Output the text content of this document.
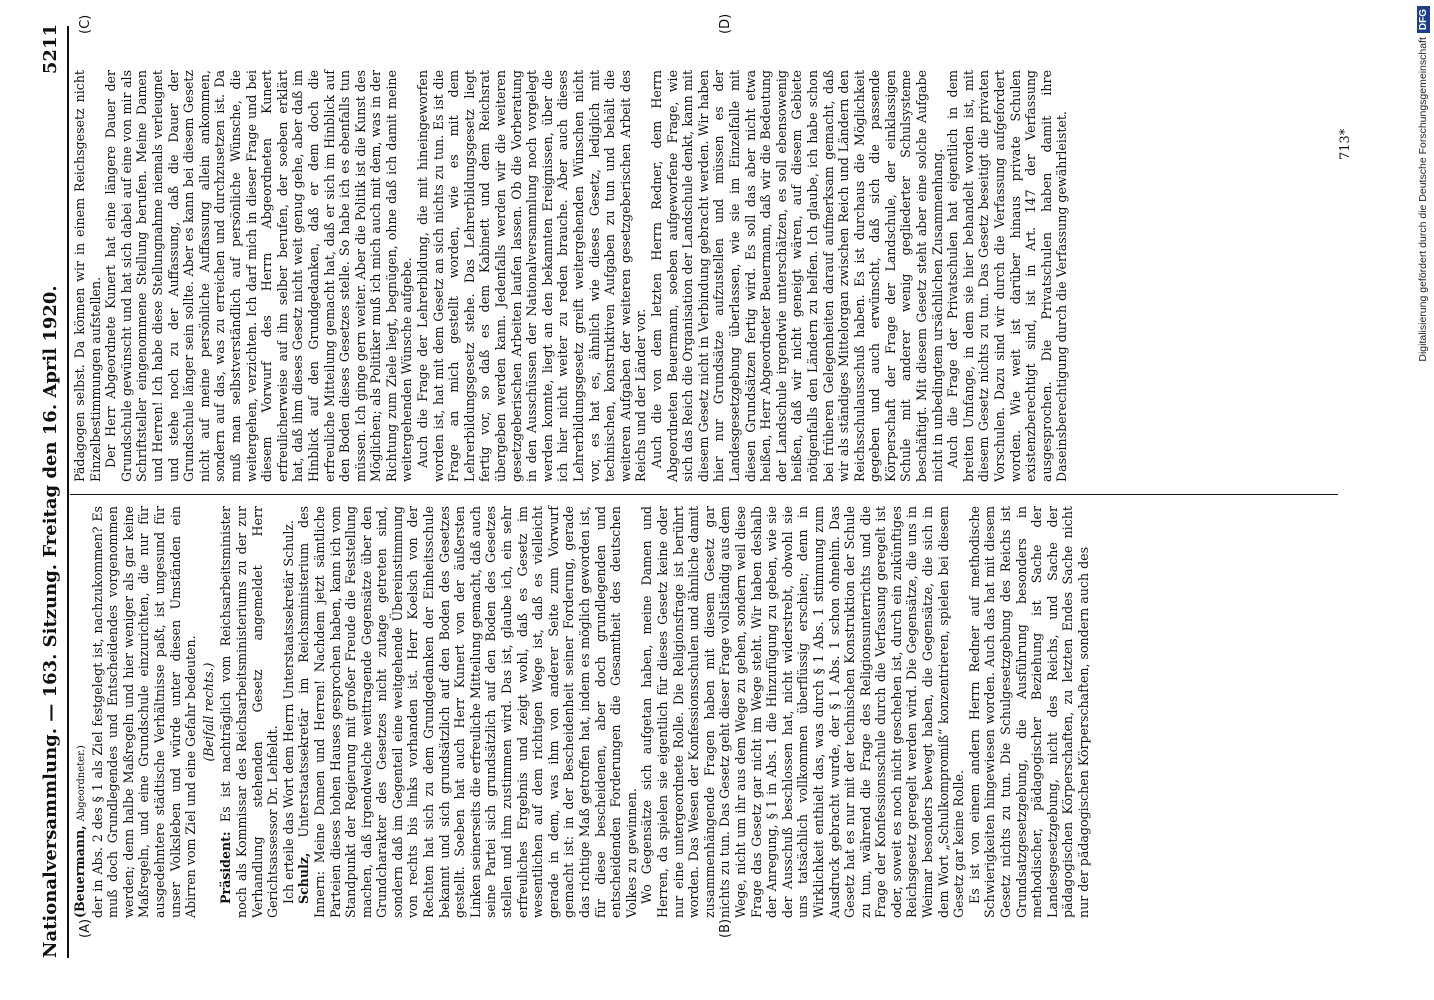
Nationalversammlung. — 163. Sitzung. Freitag den 16. April 1920.
5211
(A)	(B)
(C)	(D)

(Beuermann, Abgeordneter.) der in Abs. 2 des § 1 als Ziel festgelegt ist, nachzukommen? Es muß doch Grundlegendes und Entscheidendes vorgenommen werden; denn halbe Maßregeln und hier weniger als gar keine Maßregeln, und eine Grundschule einzurichten, die nur für ausgedehntere städtische Verhältnisse paßt, ist ungesund für unser Volksleben und würde unter diesen Umständen ein Abirren vom Ziel und eine Gefahr bedeuten. (Beifall rechts.)

Präsident: Es ist nachträglich vom Reichsarbeitsminister noch als Kommissar des Reichsarbeitsministeriums zu der zur Verhandlung stehenden Gesetz angemeldet Herr Gerichtsassessor Dr. Lehfeldt. Ich erteile das Wort dem Herrn Unterstaatssekretär Schulz. Schulz, Unterstaatssekretär im Reichsministerium des Innern: Meine Damen und Herren! Nachdem jetzt sämtliche Parteien dieses hohen Hauses gesprochen haben, kann ich vom Standpunkt der Regierung mit großer Freude die Feststellung machen, daß irgendwelche weittragende Gegensätze über den Grundcharakter des Gesetzes nicht zutage getreten sind, sondern daß im Gegenteil eine weitgehende Übereinstimmung von rechts bis links vorhanden ist. Herr Koelsch von der Rechten hat sich zu dem Grundgedanken der Einheitsschule bekannt und sich grundsätzlich auf den Boden des Gesetzes gestellt. Soeben hat auch Herr Kunert von der äußersten Linken seinerseits die erfreuliche Mitteilung gemacht, daß auch seine Partei sich grundsätzlich auf den Boden des Gesetzes stellen und ihm zustimmen wird. Das ist, glaube ich, ein sehr erfreuliches Ergebnis und zeigt wohl, daß es Gesetz im wesentlichen auf dem richtigen Wege ist, daß es vielleicht gerade in dem, was ihm von anderer Seite zum Vorwurf gemacht ist: in der Bescheidenheit seiner Forderung, gerade das richtige Maß getroffen hat, indem es möglich geworden ist, für diese bescheidenen, aber doch grundlegenden und entscheidenden Forderungen die Gesamtheit des deutschen Volkes zu gewinnen. Wo Gegensätze sich aufgetan haben, meine Damen und Herren, da spielen sie eigentlich für dieses Gesetz keine oder nur eine untergeordnete Rolle. Die Religionsfrage ist berührt worden. Das Wesen der Konfessionsschulen und ähnliche damit zusammenhängende Fragen haben mit diesem Gesetz gar nichts zu tun. Das Gesetz geht dieser Frage vollständig aus dem Wege, nicht um ihr aus dem Wege zu gehen, sondern weil diese Frage das Gesetz gar nicht im Wege steht. Wir haben deshalb der Anregung, § 1 in Abs. 1 die Hinzufügung zu geben, wie sie der Ausschuß beschlossen hat, nicht widerstrebt, obwohl sie uns tatsächlich vollkommen überflüssig erschien; denn in Wirklichkeit enthielt das, was durch § 1 Abs. 1 stimmung zum Ausdruck gebracht wurde, der § 1 Abs. 1 schon ohnehin. Das Gesetz hat es nur mit der technischen Konstruktion der Schule zu tun, während die Frage des Religionsunterrichts und die Frage der Konfessionsschule durch die Verfassung geregelt ist oder, soweit es noch nicht geschehen ist, durch ein zukünftiges Reichsgesetz geregelt werden wird. Die Gegensätze, die uns in Weimar besonders bewegt haben, die Gegensätze, die sich in dem Wort „Schulkompromiß“ konzentrieren, spielen bei diesem Gesetz gar keine Rolle. Es ist von einem andern Herrn Redner auf methodische Schwierigkeiten hingewiesen worden. Auch das hat mit diesem Gesetz nichts zu tun. Die Schulgesetzgebung des Reichs ist Grundsatzgesetzgebung, die Ausführung besonders in methodischer, pädagogischer Beziehung ist Sache der Landesgesetzgebung, nicht des Reichs, und Sache der pädagogischen Körperschaften, zu letzten Endes Sache nicht nur der pädagogischen Körperschaften, sondern auch des

Pädagogen selbst. Da können wir in einem Reichsgesetz nicht Einzelbestimmungen aufstellen. Der Herr Abgeordnete Kunert hat eine längere Dauer der Grundschule gewünscht und hat sich dabei auf eine von mir als Schriftsteller eingenommene Stellung berufen. Meine Damen und Herren! Ich habe diese Stellungnahme niemals verleugnet und stehe noch zu der Auffassung, daß die Dauer der Grundschule länger sein sollte. Aber es kann bei diesem Gesetz nicht auf meine persönliche Auffassung allein ankommen, sondern auf das, was zu erreichen und durchzusetzen ist. Da muß man selbstverständlich auf persönliche Wünsche, die weitergehen, verzichten. Ich darf mich in dieser Frage und bei diesem Vorwurf des Herrn Abgeordneten Kunert erfreulicherweise auf ihn selber berufen, der soeben erklärt hat, daß ihm dieses Gesetz nicht weit genug gehe, aber daß im Hinblick auf den Grundgedanken, daß er dem doch die erfreuliche Mitteilung gemacht hat, daß er sich im Hinblick auf den Boden dieses Gesetzes stelle. So habe ich es ebenfalls tun müssen. Ich ginge gern weiter. Aber die Politik ist die Kunst des Möglichen; als Politiker muß ich mich auch mit dem, was in der Richtung zum Ziele liegt, begnügen, ohne daß ich damit meine weitergehenden Wünsche aufgebe. Auch die Frage der Lehrerbildung, die mit hineingeworfen worden ist, hat mit dem Gesetz an sich nichts zu tun. Es ist die Frage an mich gestellt worden, wie es mit dem Lehrerbildungsgesetz stehe. Das Lehrerbildungsgesetz liegt fertig vor, so daß es dem Kabinett und dem Reichsrat übergeben werden kann. Jedenfalls werden wir die weiteren gesetzgeberischen Arbeiten laufen lassen. Ob die Vorberatung in den Ausschüssen der Nationalversammlung noch vorgelegt werden konnte, liegt an den bekannten Ereignissen, über die ich hier nicht weiter zu reden brauche. Aber auch dieses Lehrerbildungsgesetz greift weitergehenden Wünschen nicht vor, es hat es, ähnlich wie dieses Gesetz, lediglich mit technischen, konstruktiven Aufgaben zu tun und behält die weiteren Aufgaben der weiteren gesetzgeberischen Arbeit des Reichs und der Länder vor. Auch die von dem letzten Herrn Redner, dem Herrn Abgeordneten Beuermann, soeben aufgeworfene Frage, wie sich das Reich die Organisation der Landschule denkt, kann mit diesem Gesetz nicht in Verbindung gebracht werden. Wir haben hier nur Grundsätze aufzustellen und müssen es der Landesgesetzgebung überlassen, wie sie im Einzelfalle mit diesen Grundsätzen fertig wird. Es soll das aber nicht etwa heißen, Herr Abgeordneter Beuermann, daß wir die Bedeutung der Landschule irgendwie unterschätzen, es soll ebensowenig heißen, daß wir nicht geneigt wären, auf diesem Gebiete nötigenfalls den Ländern zu helfen. Ich glaube, ich habe schon bei früheren Gelegenheiten darauf aufmerksam gemacht, daß wir als ständiges Mittelorgan zwischen Reich und Ländern den Reichsschulausschuß haben. Es ist durchaus die Möglichkeit gegeben und auch erwünscht, daß sich die passende Körperschaft der Frage der Landschule, der einklassigen Schule mit anderer wenig gegliederter Schulsysteme beschäftigt. Mit diesem Gesetz steht aber eine solche Aufgabe nicht in unbedingtem ursächlichen Zusammenhang. Auch die Frage der Privatschulen hat eigentlich in dem breiten Umfange, in dem sie hier behandelt worden ist, mit diesem Gesetz nichts zu tun. Das Gesetz beseitigt die privaten Vorschulen. Dazu sind wir durch die Verfassung aufgefordert worden. Wie weit ist darüber hinaus private Schulen existenzberechtigt sind, ist in Art. 147 der Verfassung ausgesprochen. Die Privatschulen haben damit ihre Daseinsberechtigung durch die Verfassung gewährleistet.	713*	Digitalisierung gefördert durch die Deutsche Forschungsgemeinschaft
DFG
